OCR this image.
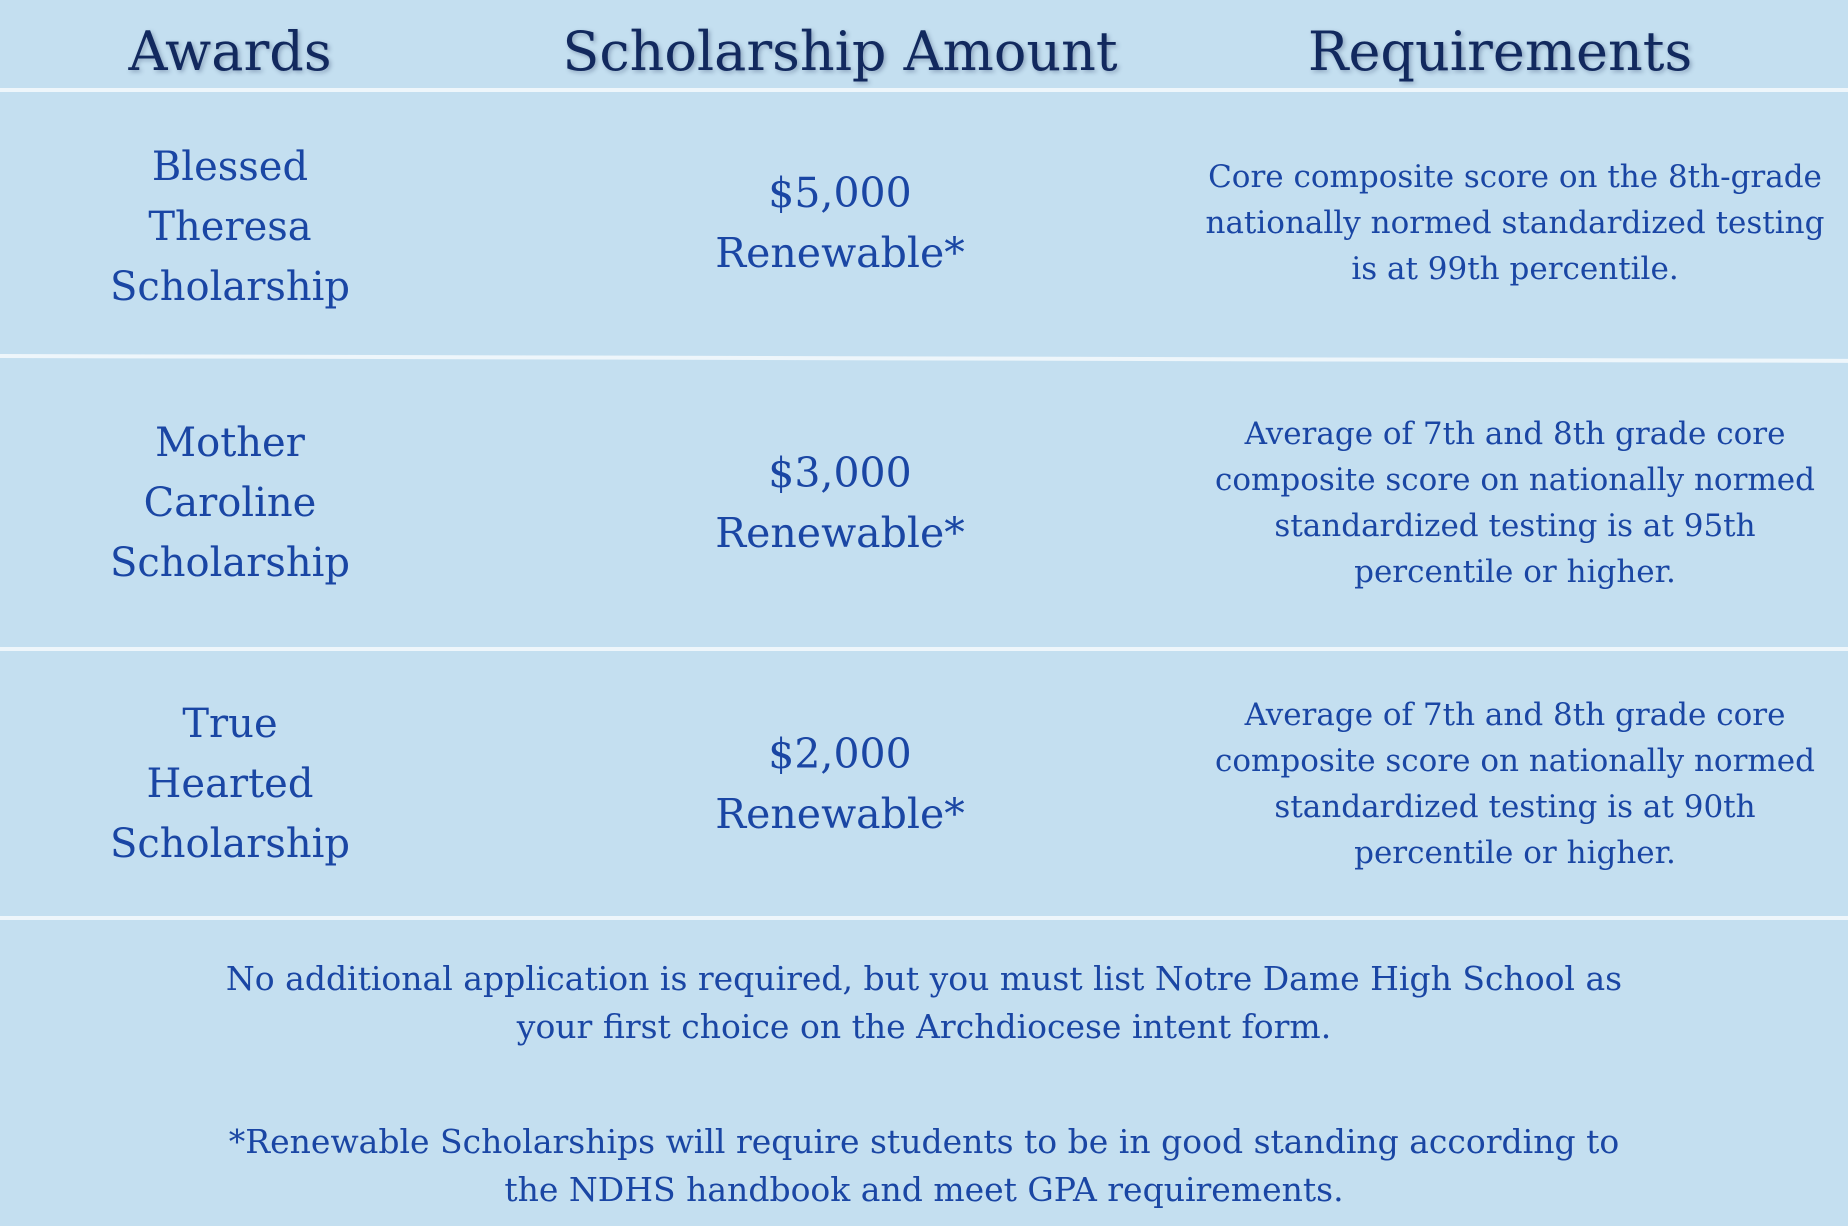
Awards	Scholarship Amount	Requirements
Blessed
Theresa
Scholarship
$5,000
Renewable*
Core composite score on the 8th-grade nationally normed standardized testing is at 99th percentile.
Mother
Caroline
Scholarship
$3,000
Renewable*
Average of 7th and 8th grade core composite score on nationally normed standardized testing is at 95th percentile or higher.
True
Hearted
Scholarship
$2,000
Renewable*
Average of 7th and 8th grade core composite score on nationally normed standardized testing is at 90th percentile or higher.
No additional application is required, but you must list Notre Dame High School as
your first choice on the Archdiocese intent form.
*Renewable Scholarships will require students to be in good standing according to
the NDHS handbook and meet GPA requirements.
